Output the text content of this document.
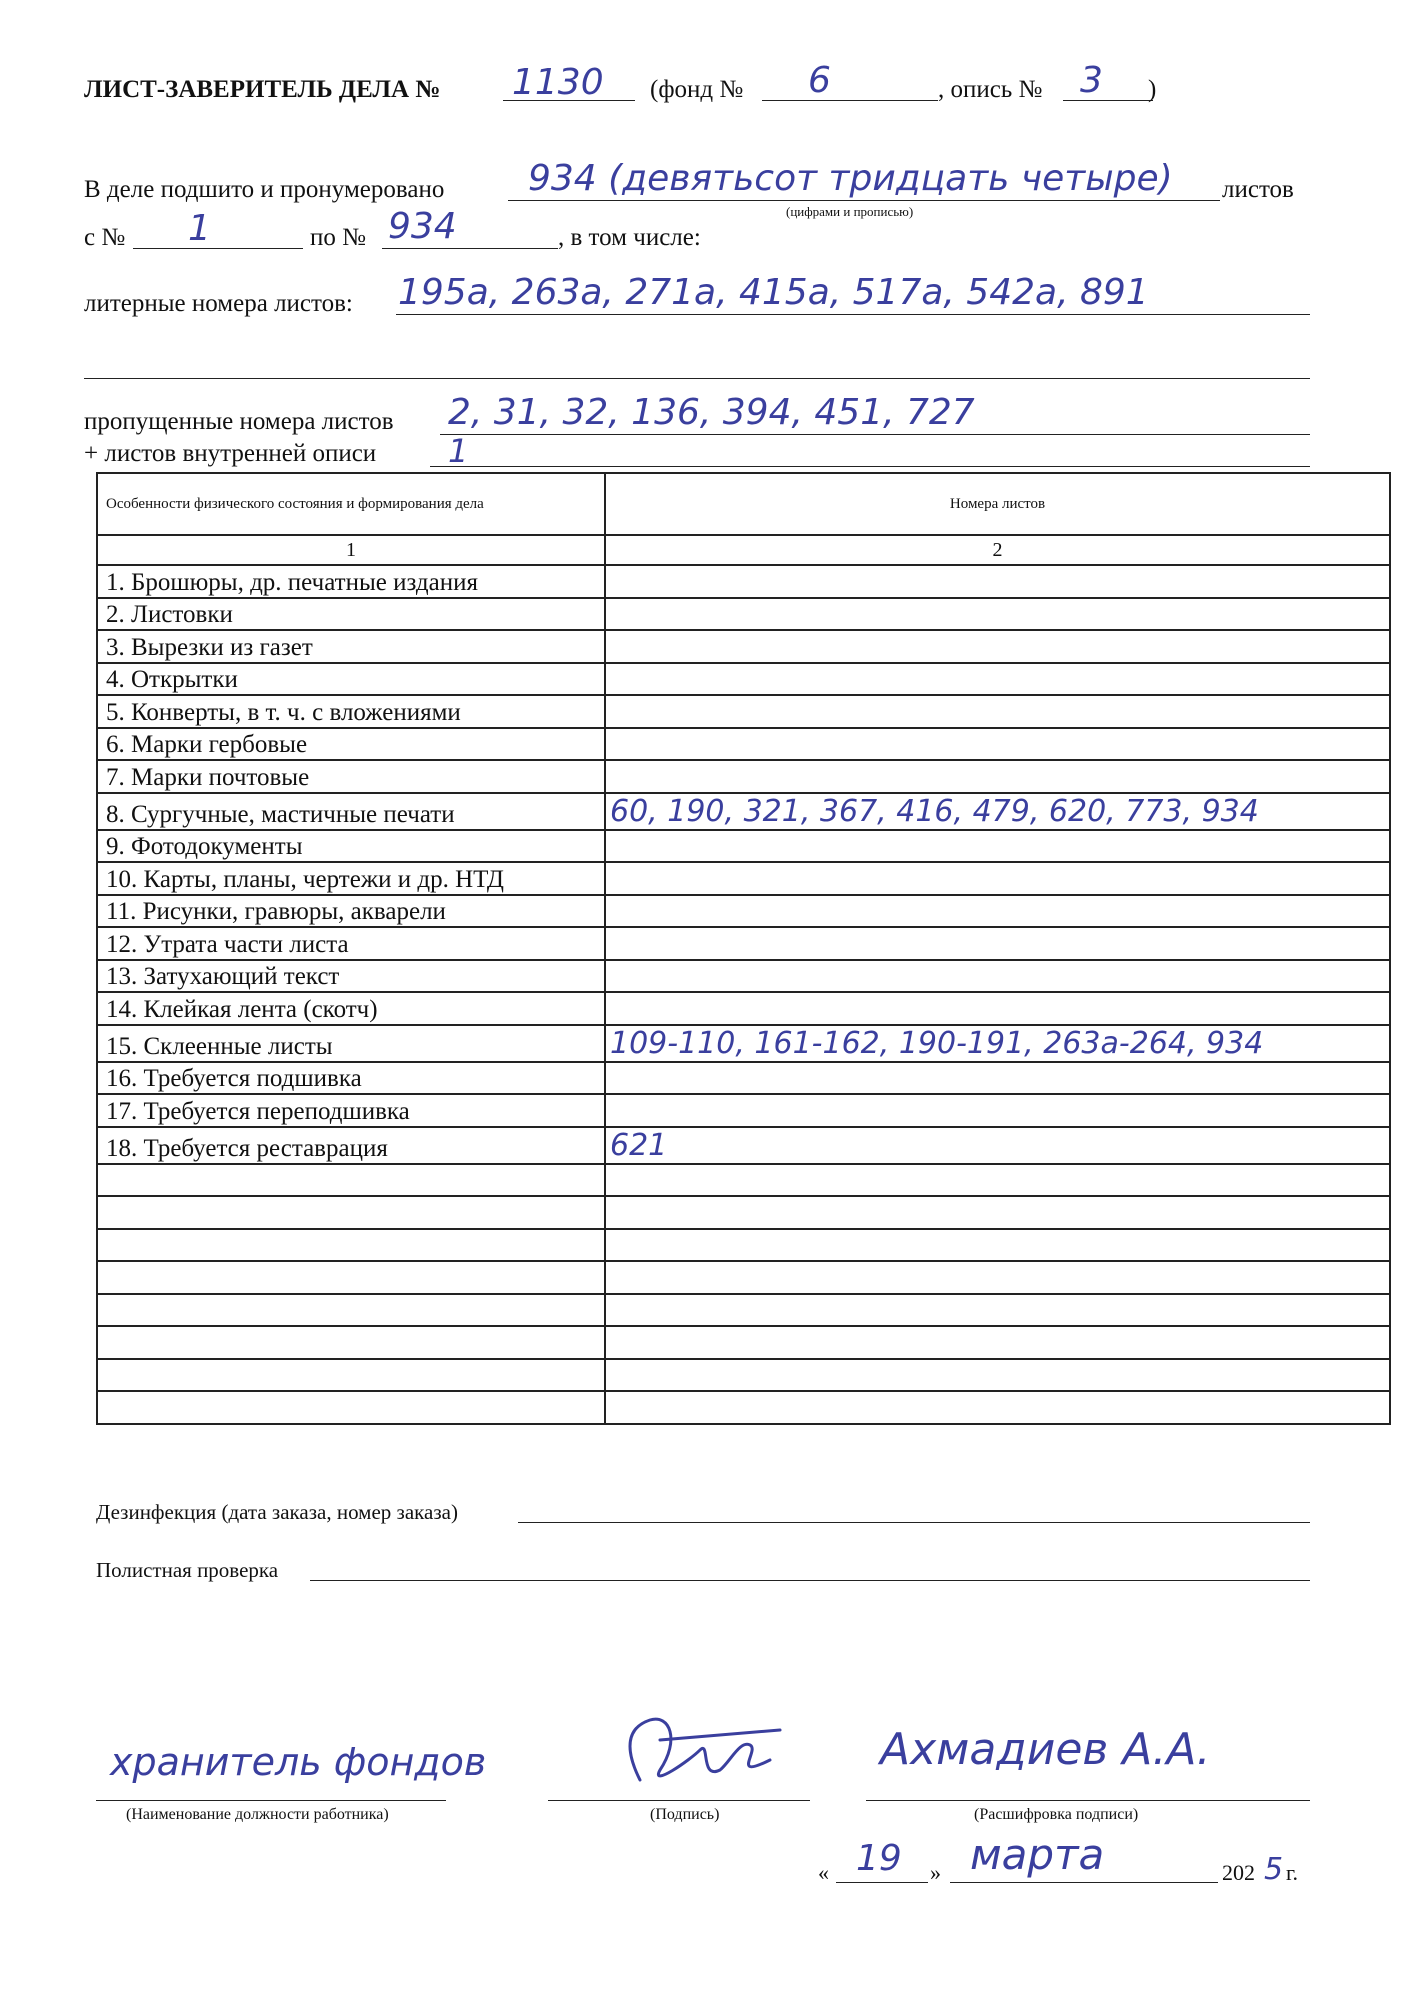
ЛИСТ-ЗАВЕРИТЕЛЬ ДЕЛА № 1130 (фонд № 6	, опись № 3 )
В деле подшито и пронумеровано 934 (девятьсот тридцать четыре) листов
(цифрами и прописью)
с № 1	по № 934	, в том числе:
литерные номера листов: 195а, 263а, 271а, 415а, 517а, 542а, 891
пропущенные номера листов 2, 31, 32, 136, 394, 451, 727
+ листов внутренней описи 1
Особенности физического состояния и формирования дела	Номера листов
1	2
1. Брошюры, др. печатные издания	
2. Листовки	
3. Вырезки из газет	
4. Открытки	
5. Конверты, в т. ч. с вложениями	
6. Марки гербовые	
7. Марки почтовые	
8. Сургучные, мастичные печати	60, 190, 321, 367, 416, 479, 620, 773, 934
9. Фотодокументы	
10. Карты, планы, чертежи и др. НТД	
11. Рисунки, гравюры, акварели	
12. Утрата части листа	
13. Затухающий текст	
14. Клейкая лента (скотч)	
15. Склеенные листы	109-110, 161-162, 190-191, 263а-264, 934
16. Требуется подшивка	
17. Требуется переподшивка	
18. Требуется реставрация	621

Дезинфекция (дата заказа, номер заказа)
Полистная проверка
хранитель фондов
(Наименование должности работника)	(Подпись)
Ахмадиев А.А.
(Расшифровка подписи)
« 19 » марта	202 5 г.
